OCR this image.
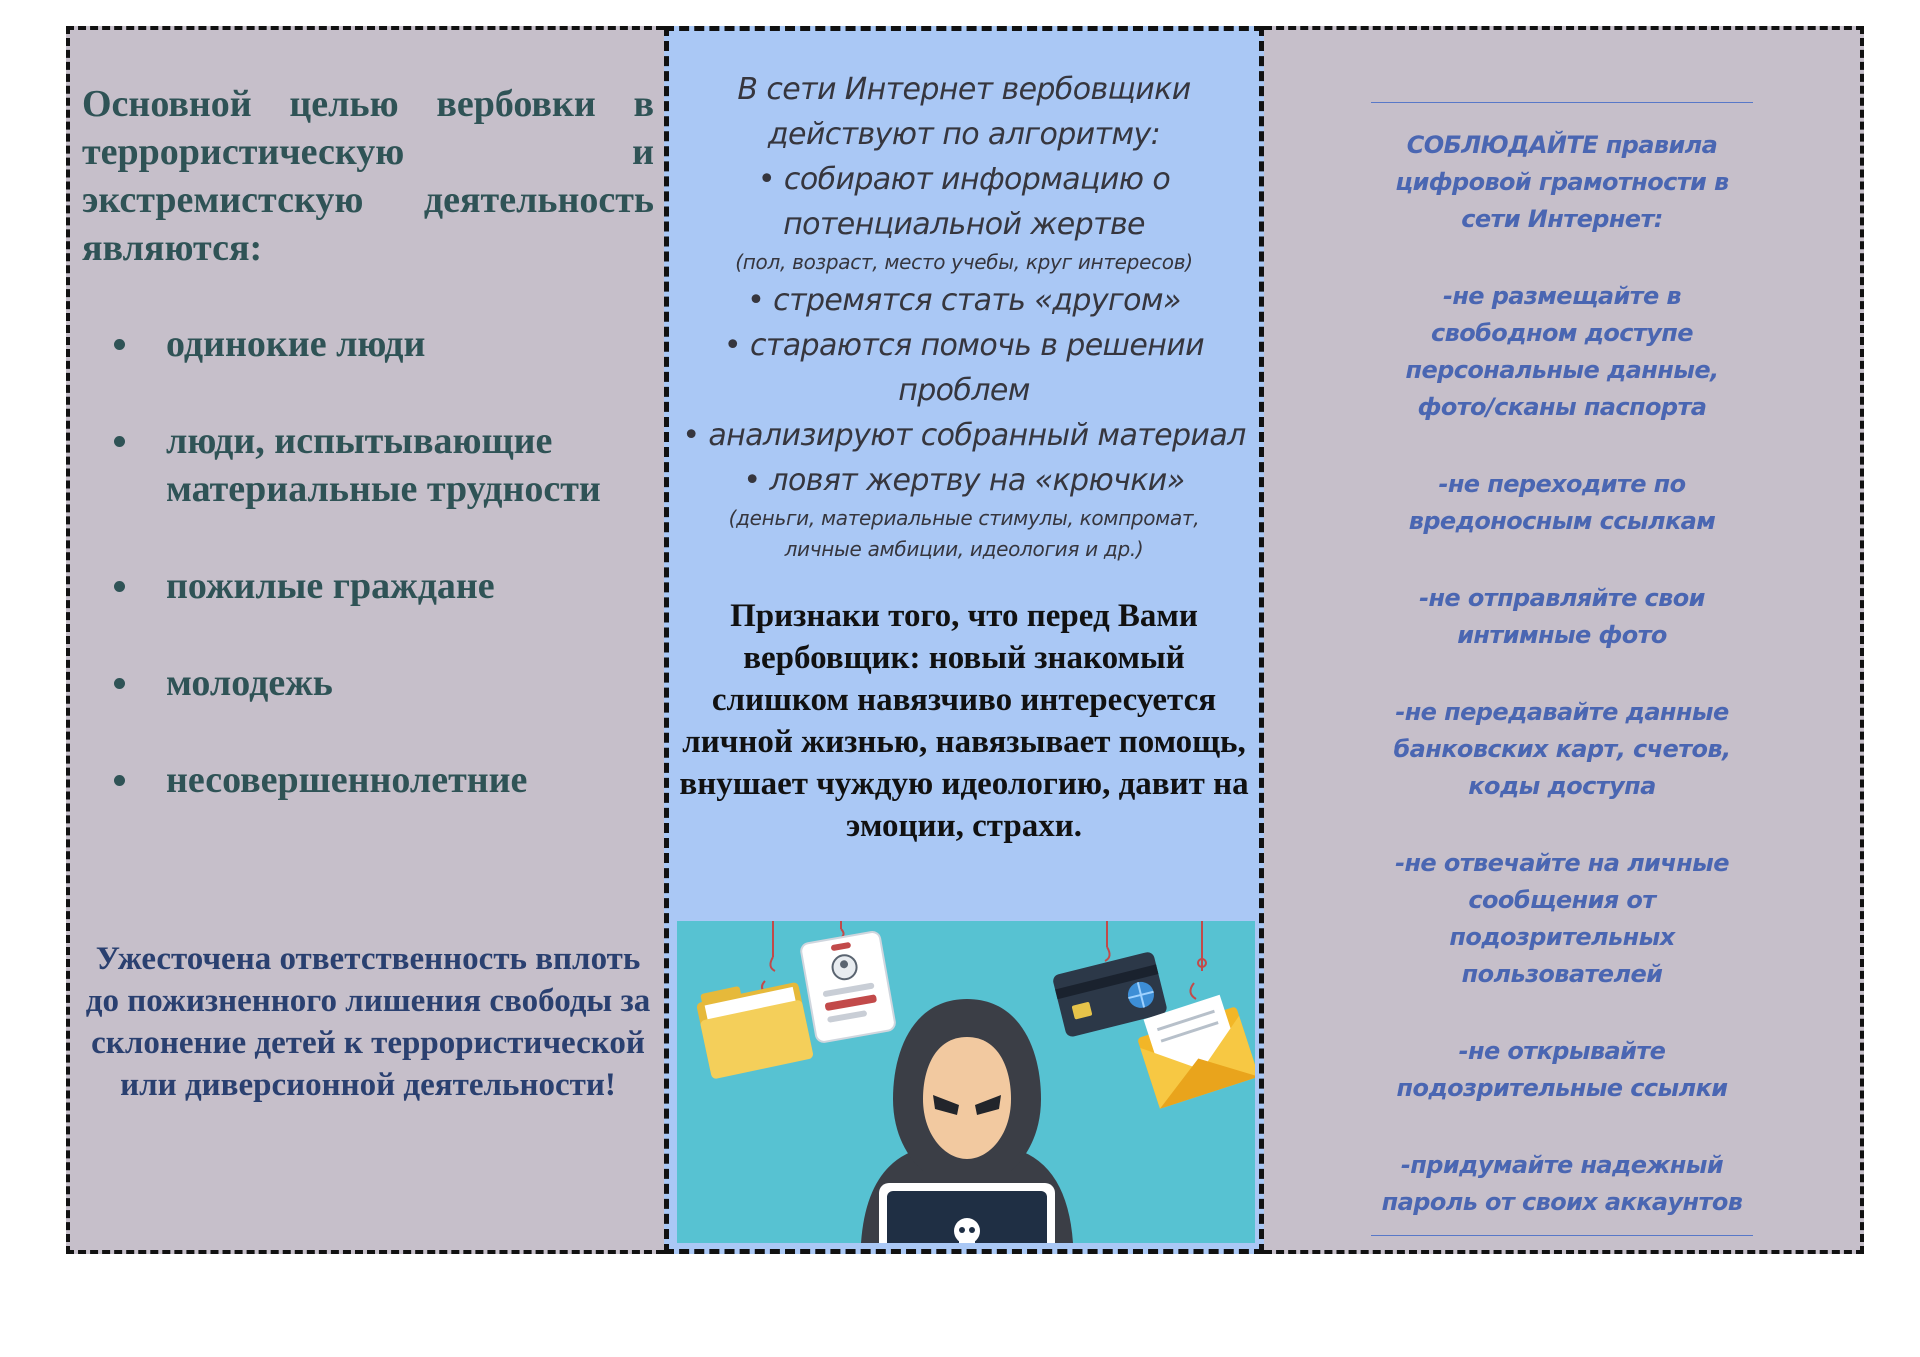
Основной целью вербовки в террористическую и экстремистскую деятельность являются:

одинокие люди
люди, испытывающие материальные трудности
пожилые граждане
молодежь
несовершеннолетние

Ужесточена ответственность вплоть до пожизненного лишения свободы за склонение детей к террористической или диверсионной деятельности!

В сети Интернет вербовщики
действуют по алгоритму:
• собирают информацию о
потенциальной жертве
(пол, возраст, место учебы, круг интересов)
• стремятся стать «другом»
• стараются помочь в решении
проблем
• анализируют собранный материал
• ловят жертву на «крючки»
(деньги, материальные стимулы, компромат,
личные амбиции, идеология и др.)

Признаки того, что перед Вами вербовщик: новый знакомый слишком навязчиво интересуется личной жизнью, навязывает помощь, внушает чуждую идеологию, давит на эмоции, страхи.

СОБЛЮДАЙТЕ правила
цифровой грамотности в
сети Интернет:
-не размещайте в
свободном доступе
персональные данные,
фото/сканы паспорта
-не переходите по
вредоносным ссылкам
-не отправляйте свои
интимные фото
-не передавайте данные
банковских карт, счетов,
коды доступа
-не отвечайте на личные
сообщения от
подозрительных
пользователей
-не открывайте
подозрительные ссылки
-придумайте надежный
пароль от своих аккаунтов
